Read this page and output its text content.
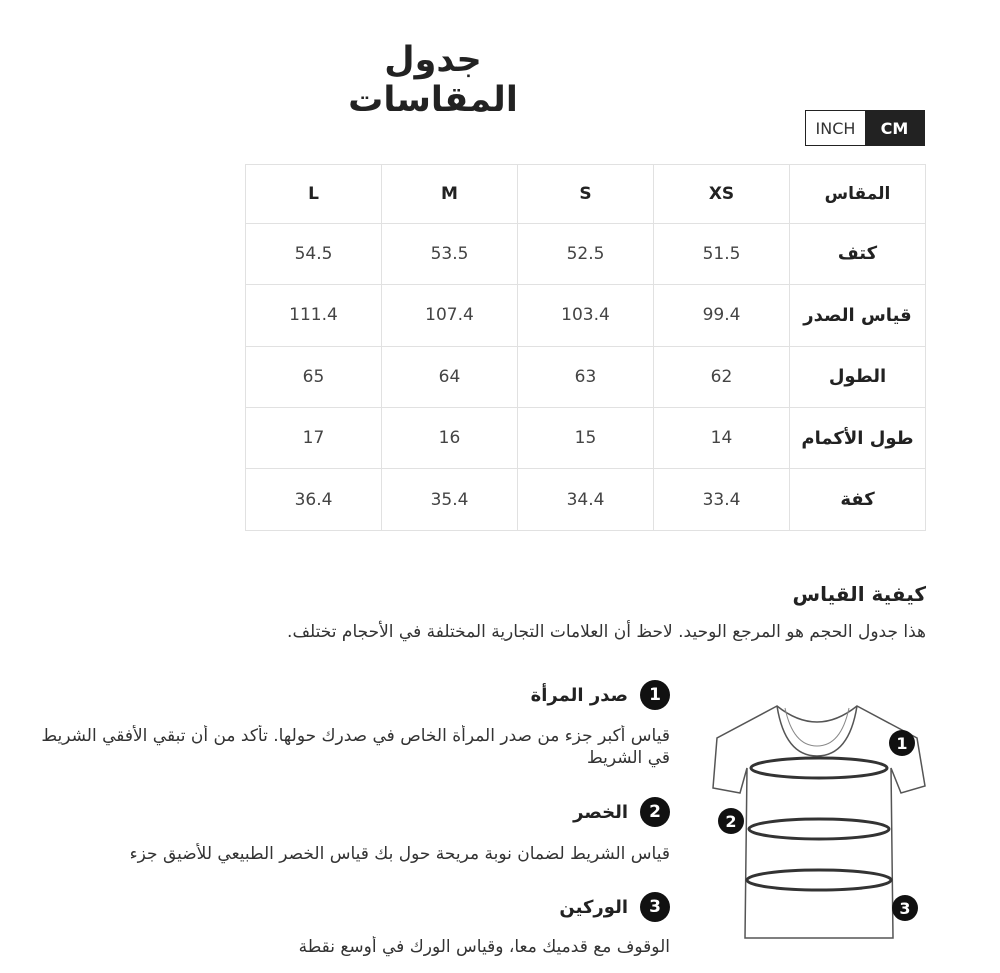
جدول المقاسات
INCH	CM
المقاس	XS	S	M	L
كتف	51.5	52.5	53.5	54.5
قياس الصدر	99.4	103.4	107.4	111.4
الطول	62	63	64	65
طول الأكمام	14	15	16	17
كفة	33.4	34.4	35.4	36.4
كيفية القياس
هذا جدول الحجم هو المرجع الوحيد. لاحظ أن العلامات التجارية المختلفة في الأحجام تختلف.
1
صدر المرأة
قياس أكبر جزء من صدر المرأة الخاص في صدرك حولها. تأكد من أن تبقي الأفقي الشريط
قي الشريط
2
الخصر
قياس الشريط لضمان نوبة مريحة حول بك قياس الخصر الطبيعي للأضيق جزء
3
الوركين
الوقوف مع قدميك معا، وقياس الورك في أوسع نقطة
1
2
3
